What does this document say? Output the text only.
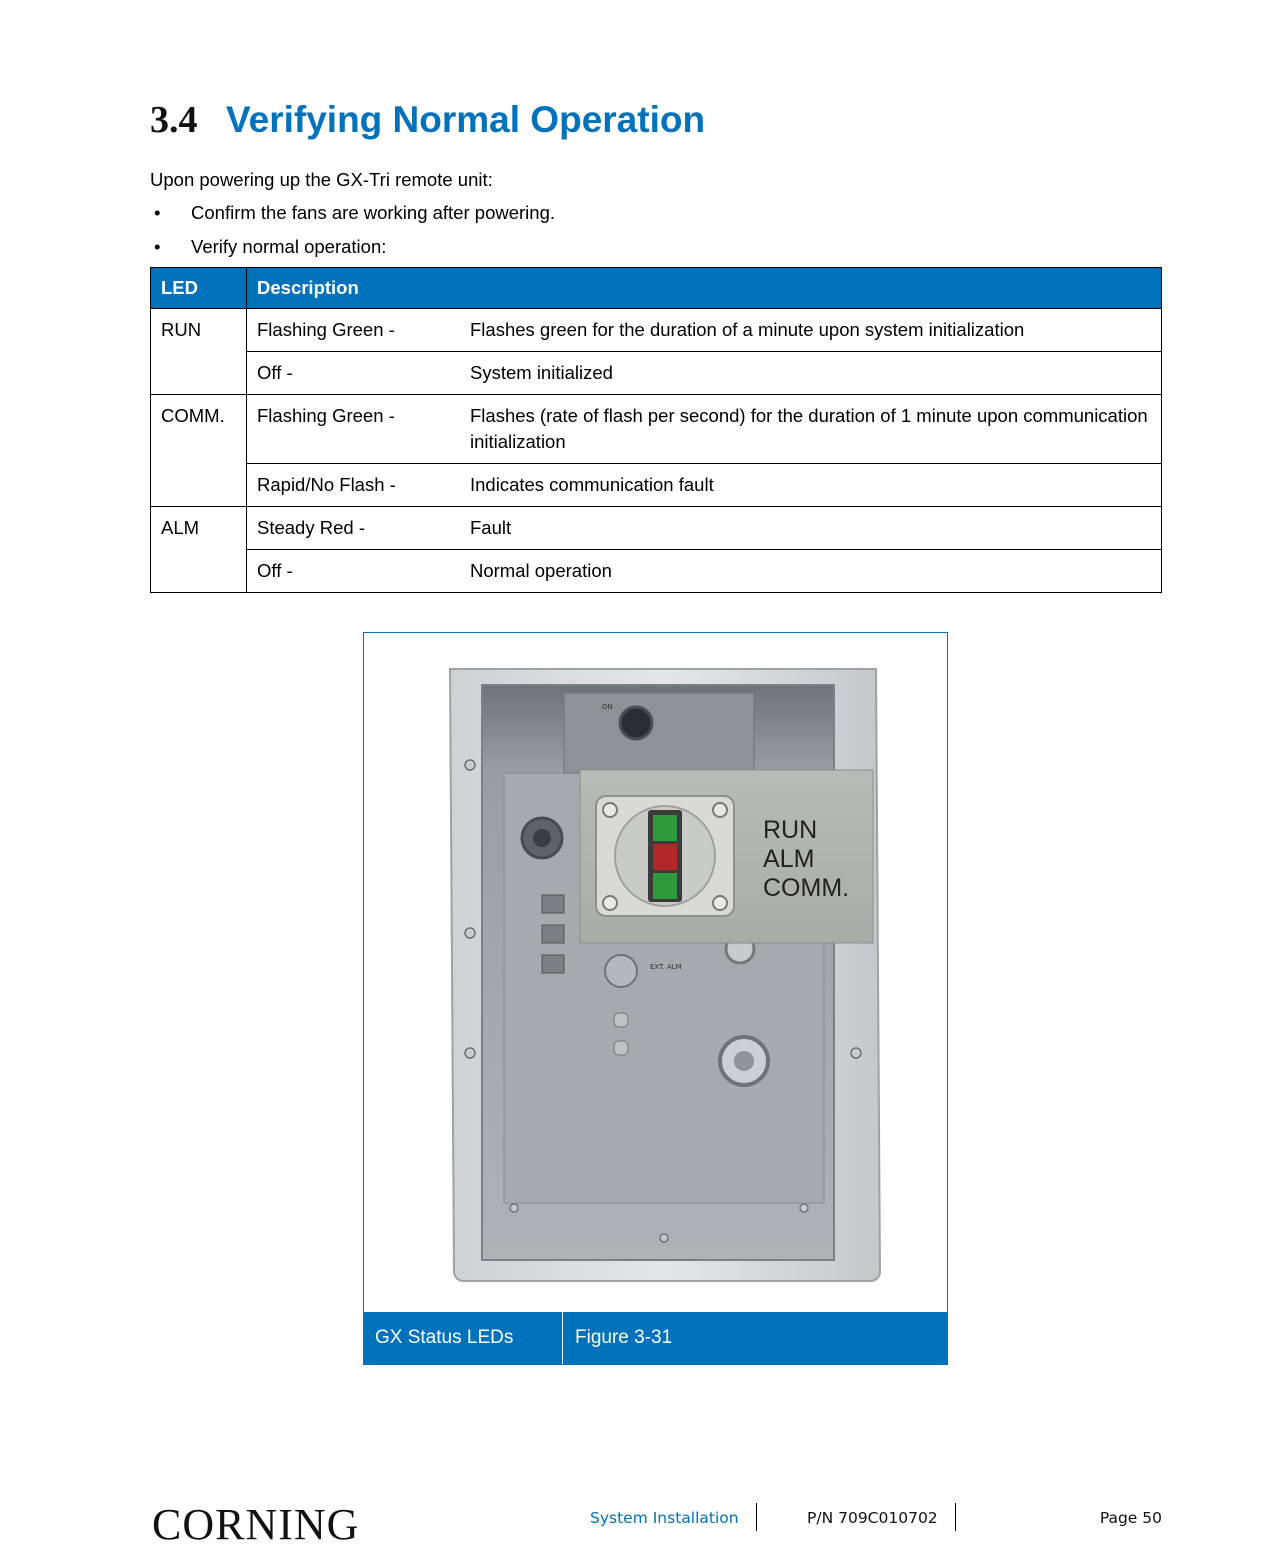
3.4 Verifying Normal Operation
Upon powering up the GX-Tri remote unit:
• Confirm the fans are working after powering.
• Verify normal operation:
LED	Description	
RUN	Flashing Green -	Flashes green for the duration of a minute upon system initialization
	Off -	System initialized
COMM.	Flashing Green -	Flashes (rate of flash per second) for the duration of 1 minute upon communication initialization
	Rapid/No Flash -	Indicates communication fault
ALM	Steady Red -	Fault
	Off -	Normal operation
ON
EXT. ALM
RUN
ALM
COMM.
GX Status LEDs	Figure 3-31
CORNING	System Installation	P/N 709C010702	Page 50
